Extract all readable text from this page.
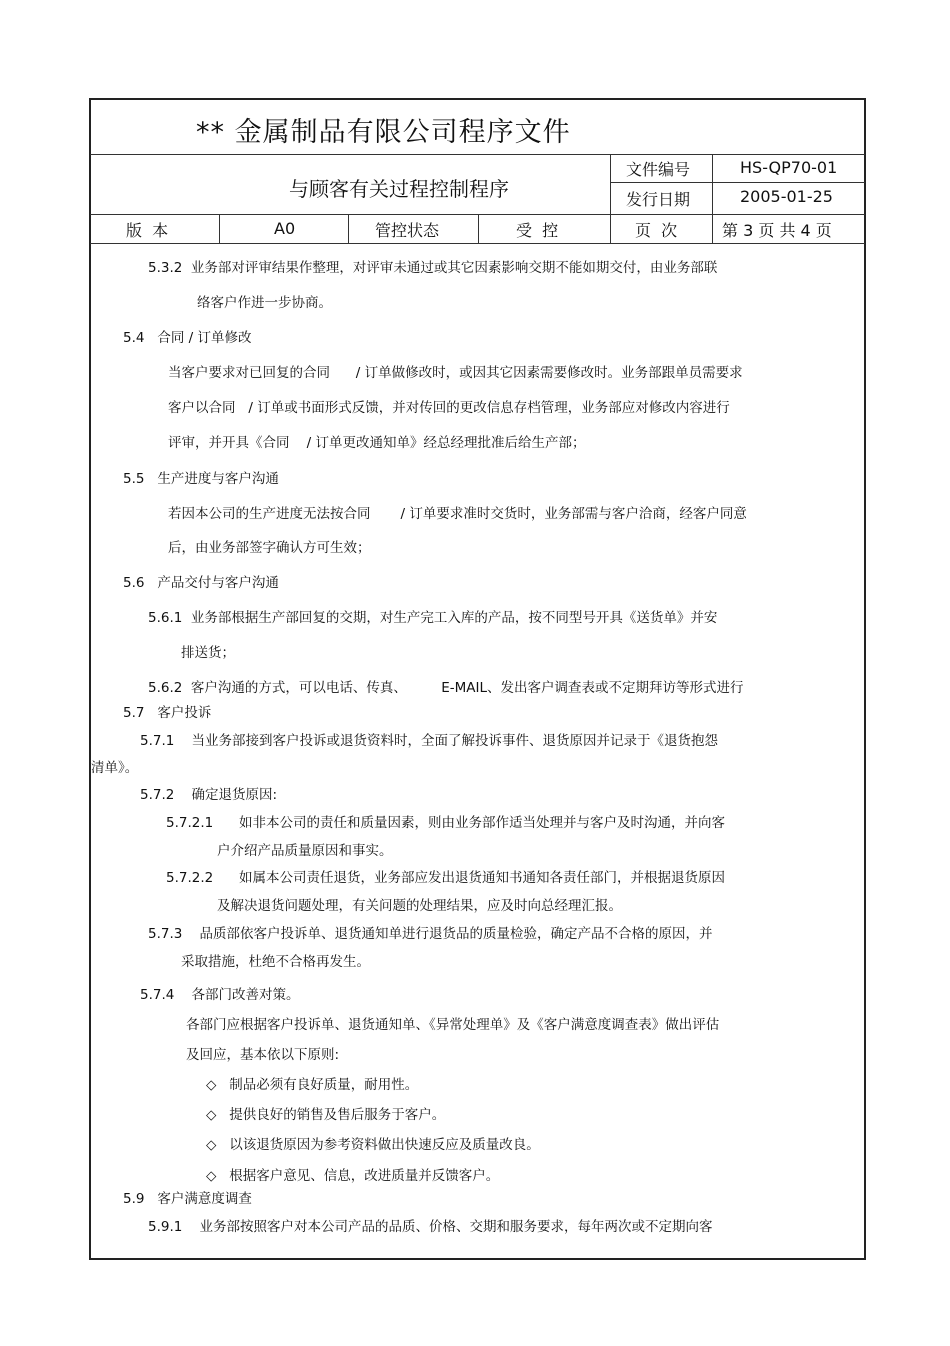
** 金属制品有限公司程序文件
与顾客有关过程控制程序
文件编号	HS-QP70-01
发行日期	2005-01-25
版  本	A0	管控状态	受  控	页  次	第 3 页 共 4 页
5.3.2  业务部对评审结果作整理，对评审未通过或其它因素影响交期不能如期交付，由业务部联
络客户作进一步协商。
5.4   合同 / 订单修改
当客户要求对已回复的合同      / 订单做修改时，或因其它因素需要修改时。业务部跟单员需要求
客户以合同   / 订单或书面形式反馈，并对传回的更改信息存档管理，业务部应对修改内容进行
评审，并开具《合同    / 订单更改通知单》经总经理批准后给生产部；
5.5   生产进度与客户沟通
若因本公司的生产进度无法按合同       / 订单要求准时交货时，业务部需与客户洽商，经客户同意
后，由业务部签字确认方可生效；
5.6   产品交付与客户沟通
5.6.1  业务部根据生产部回复的交期，对生产完工入库的产品，按不同型号开具《送货单》并安
排送货；
5.6.2  客户沟通的方式，可以电话、传真、        E-MAIL、发出客户调查表或不定期拜访等形式进行
5.7   客户投诉
5.7.1    当业务部接到客户投诉或退货资料时，全面了解投诉事件、退货原因并记录于《退货抱怨
清单》。
5.7.2    确定退货原因:
5.7.2.1      如非本公司的责任和质量因素，则由业务部作适当处理并与客户及时沟通，并向客
户介绍产品质量原因和事实。
5.7.2.2      如属本公司责任退货，业务部应发出退货通知书通知各责任部门，并根据退货原因
及解决退货问题处理，有关问题的处理结果，应及时向总经理汇报。
5.7.3    品质部依客户投诉单、退货通知单进行退货品的质量检验，确定产品不合格的原因，并
采取措施，杜绝不合格再发生。
5.7.4    各部门改善对策。
各部门应根据客户投诉单、退货通知单、《异常处理单》及《客户满意度调查表》做出评估
及回应，基本依以下原则:
◇   制品必须有良好质量，耐用性。
◇   提供良好的销售及售后服务于客户。
◇   以该退货原因为参考资料做出快速反应及质量改良。
◇   根据客户意见、信息，改进质量并反馈客户。
5.9   客户满意度调查
5.9.1    业务部按照客户对本公司产品的品质、价格、交期和服务要求，每年两次或不定期向客
